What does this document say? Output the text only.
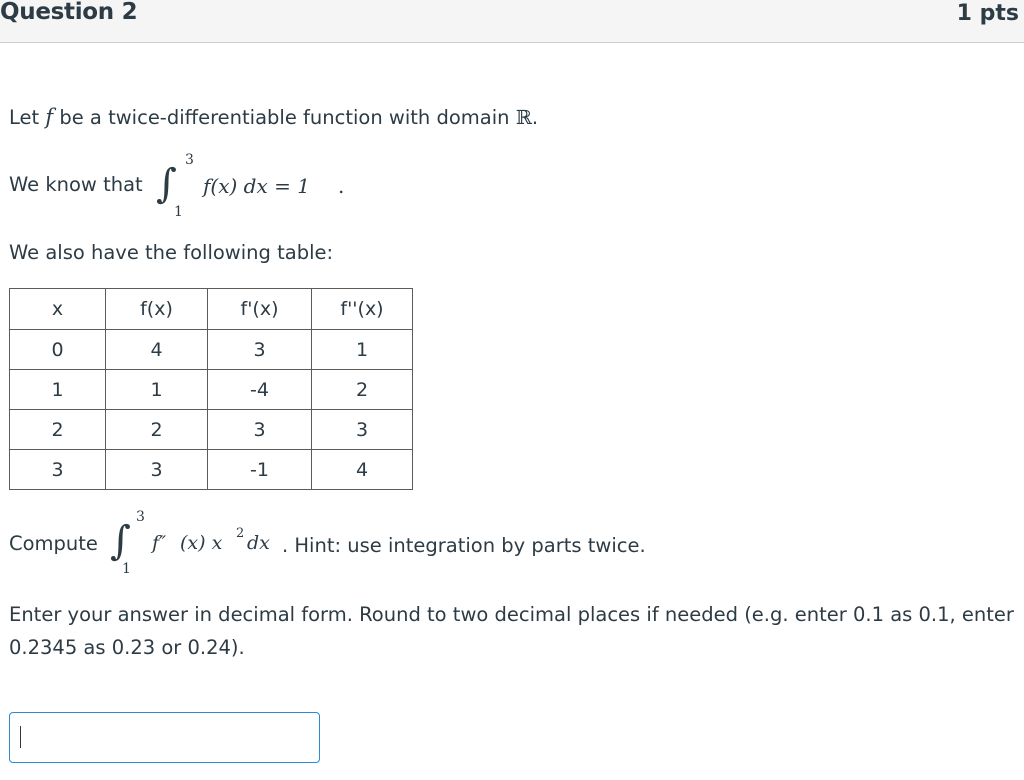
Question 2	1 pts
Let f be a twice-differentiable function with domain ℝ.
We know that ∫
3
1
f(x) dx = 1 .
We also have the following table:
x	f(x)	f'(x)	f''(x)
0	4	3	1
1	1	-4	2
2	2	3	3
3	3	-1	4
Compute ∫
3
1
f″ (x) x 2 dx . Hint: use integration by parts twice.
Enter your answer in decimal form. Round to two decimal places if needed (e.g. enter 0.1 as 0.1, enter
0.2345 as 0.23 or 0.24).
